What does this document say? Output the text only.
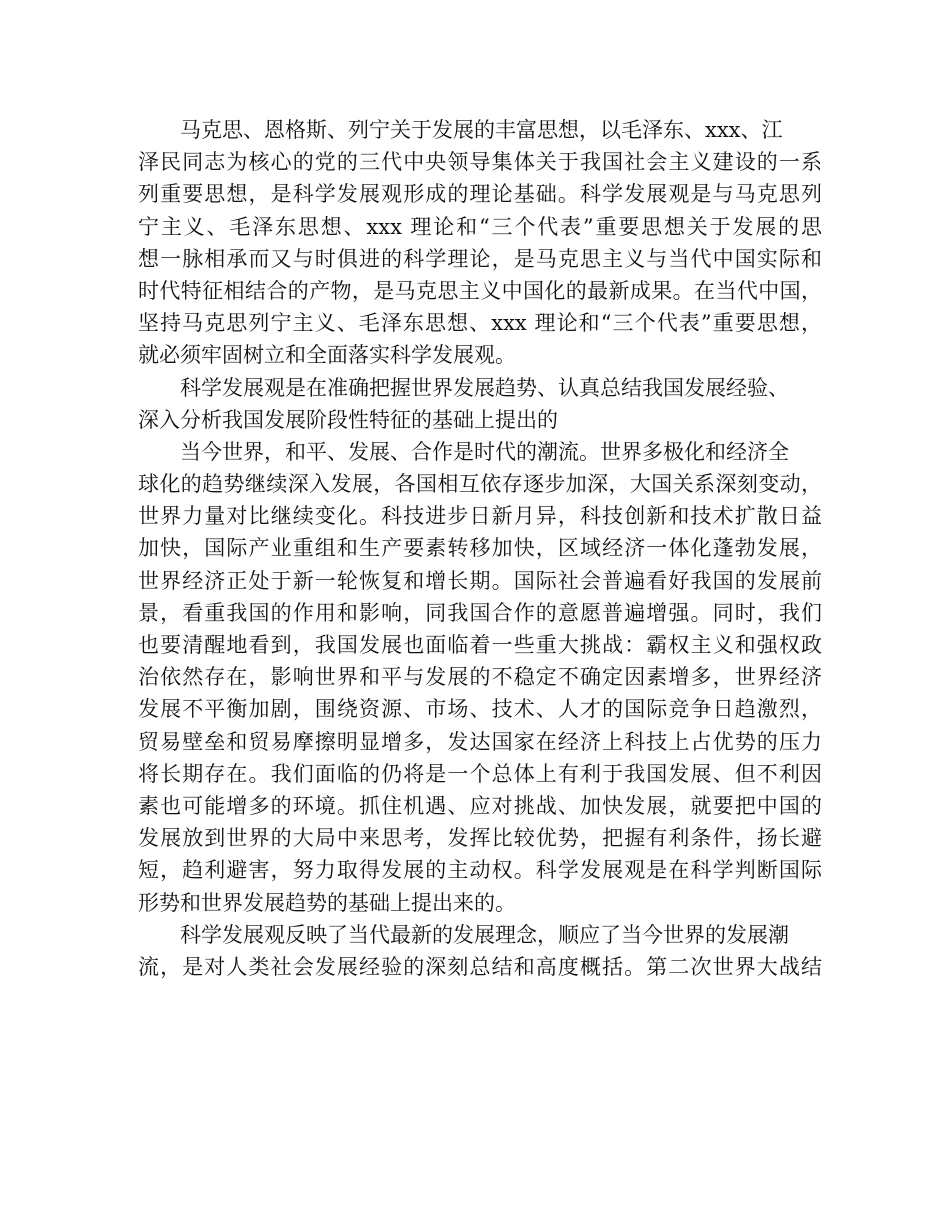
马克思、恩格斯、列宁关于发展的丰富思想，以毛泽东、xxx、江
泽民同志为核心的党的三代中央领导集体关于我国社会主义建设的一系
列重要思想，是科学发展观形成的理论基础。科学发展观是与马克思列
宁主义、毛泽东思想、xxx 理论和“三个代表”重要思想关于发展的思
想一脉相承而又与时俱进的科学理论，是马克思主义与当代中国实际和
时代特征相结合的产物，是马克思主义中国化的最新成果。在当代中国，
坚持马克思列宁主义、毛泽东思想、xxx 理论和“三个代表”重要思想，
就必须牢固树立和全面落实科学发展观。
科学发展观是在准确把握世界发展趋势、认真总结我国发展经验、
深入分析我国发展阶段性特征的基础上提出的
当今世界，和平、发展、合作是时代的潮流。世界多极化和经济全
球化的趋势继续深入发展，各国相互依存逐步加深，大国关系深刻变动，
世界力量对比继续变化。科技进步日新月异，科技创新和技术扩散日益
加快，国际产业重组和生产要素转移加快，区域经济一体化蓬勃发展，
世界经济正处于新一轮恢复和增长期。国际社会普遍看好我国的发展前
景，看重我国的作用和影响，同我国合作的意愿普遍增强。同时，我们
也要清醒地看到，我国发展也面临着一些重大挑战：霸权主义和强权政
治依然存在，影响世界和平与发展的不稳定不确定因素增多，世界经济
发展不平衡加剧，围绕资源、市场、技术、人才的国际竞争日趋激烈，
贸易壁垒和贸易摩擦明显增多，发达国家在经济上科技上占优势的压力
将长期存在。我们面临的仍将是一个总体上有利于我国发展、但不利因
素也可能增多的环境。抓住机遇、应对挑战、加快发展，就要把中国的
发展放到世界的大局中来思考，发挥比较优势，把握有利条件，扬长避
短，趋利避害，努力取得发展的主动权。科学发展观是在科学判断国际
形势和世界发展趋势的基础上提出来的。
科学发展观反映了当代最新的发展理念，顺应了当今世界的发展潮
流，是对人类社会发展经验的深刻总结和高度概括。第二次世界大战结
